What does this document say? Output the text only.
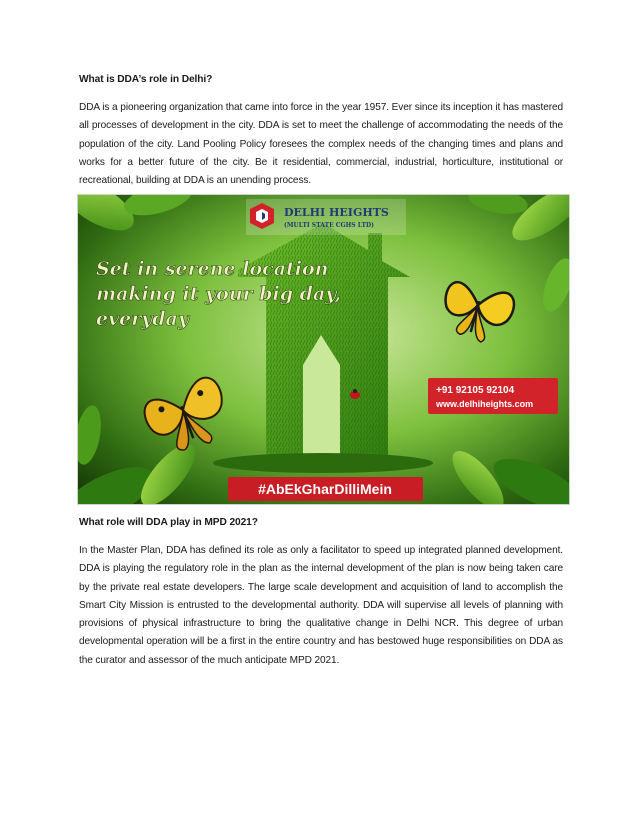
What is DDA’s role in Delhi?

DDA is a pioneering organization that came into force in the year 1957. Ever since its inception it has mastered all processes of development in the city. DDA is set to meet the challenge of accommodating the needs of the population of the city. Land Pooling Policy foresees the complex needs of the changing times and plans and works for a better future of the city. Be it residential, commercial, industrial, horticulture, institutional or recreational, building at DDA is an unending process.

DELHI HEIGHTS
(MULTI STATE CGHS LTD)
Set in serene location
making it your big day,
everyday
+91 92105 92104
www.delhiheights.com
#AbEkGharDilliMein

What role will DDA play in MPD 2021?

In the Master Plan, DDA has defined its role as only a facilitator to speed up integrated planned development. DDA is playing the regulatory role in the plan as the internal development of the plan is now being taken care by the private real estate developers. The large scale development and acquisition of land to accomplish the Smart City Mission is entrusted to the developmental authority. DDA will supervise all levels of planning with provisions of physical infrastructure to bring the qualitative change in Delhi NCR. This degree of urban developmental operation will be a first in the entire country and has bestowed huge responsibilities on DDA as the curator and assessor of the much anticipate MPD 2021.
